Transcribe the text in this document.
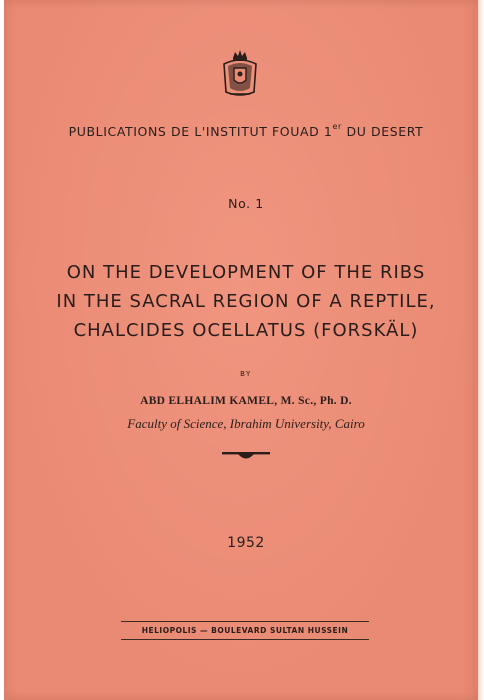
PUBLICATIONS DE L'INSTITUT FOUAD 1er DU DESERT
No. 1
ON THE DEVELOPMENT OF THE RIBS
IN THE SACRAL REGION OF A REPTILE,
CHALCIDES OCELLATUS (FORSKÄL)
BY
ABD ELHALIM KAMEL, M. Sc., Ph. D.
Faculty of Science, Ibrahim University, Cairo
1952
HELIOPOLIS — BOULEVARD SULTAN HUSSEIN
